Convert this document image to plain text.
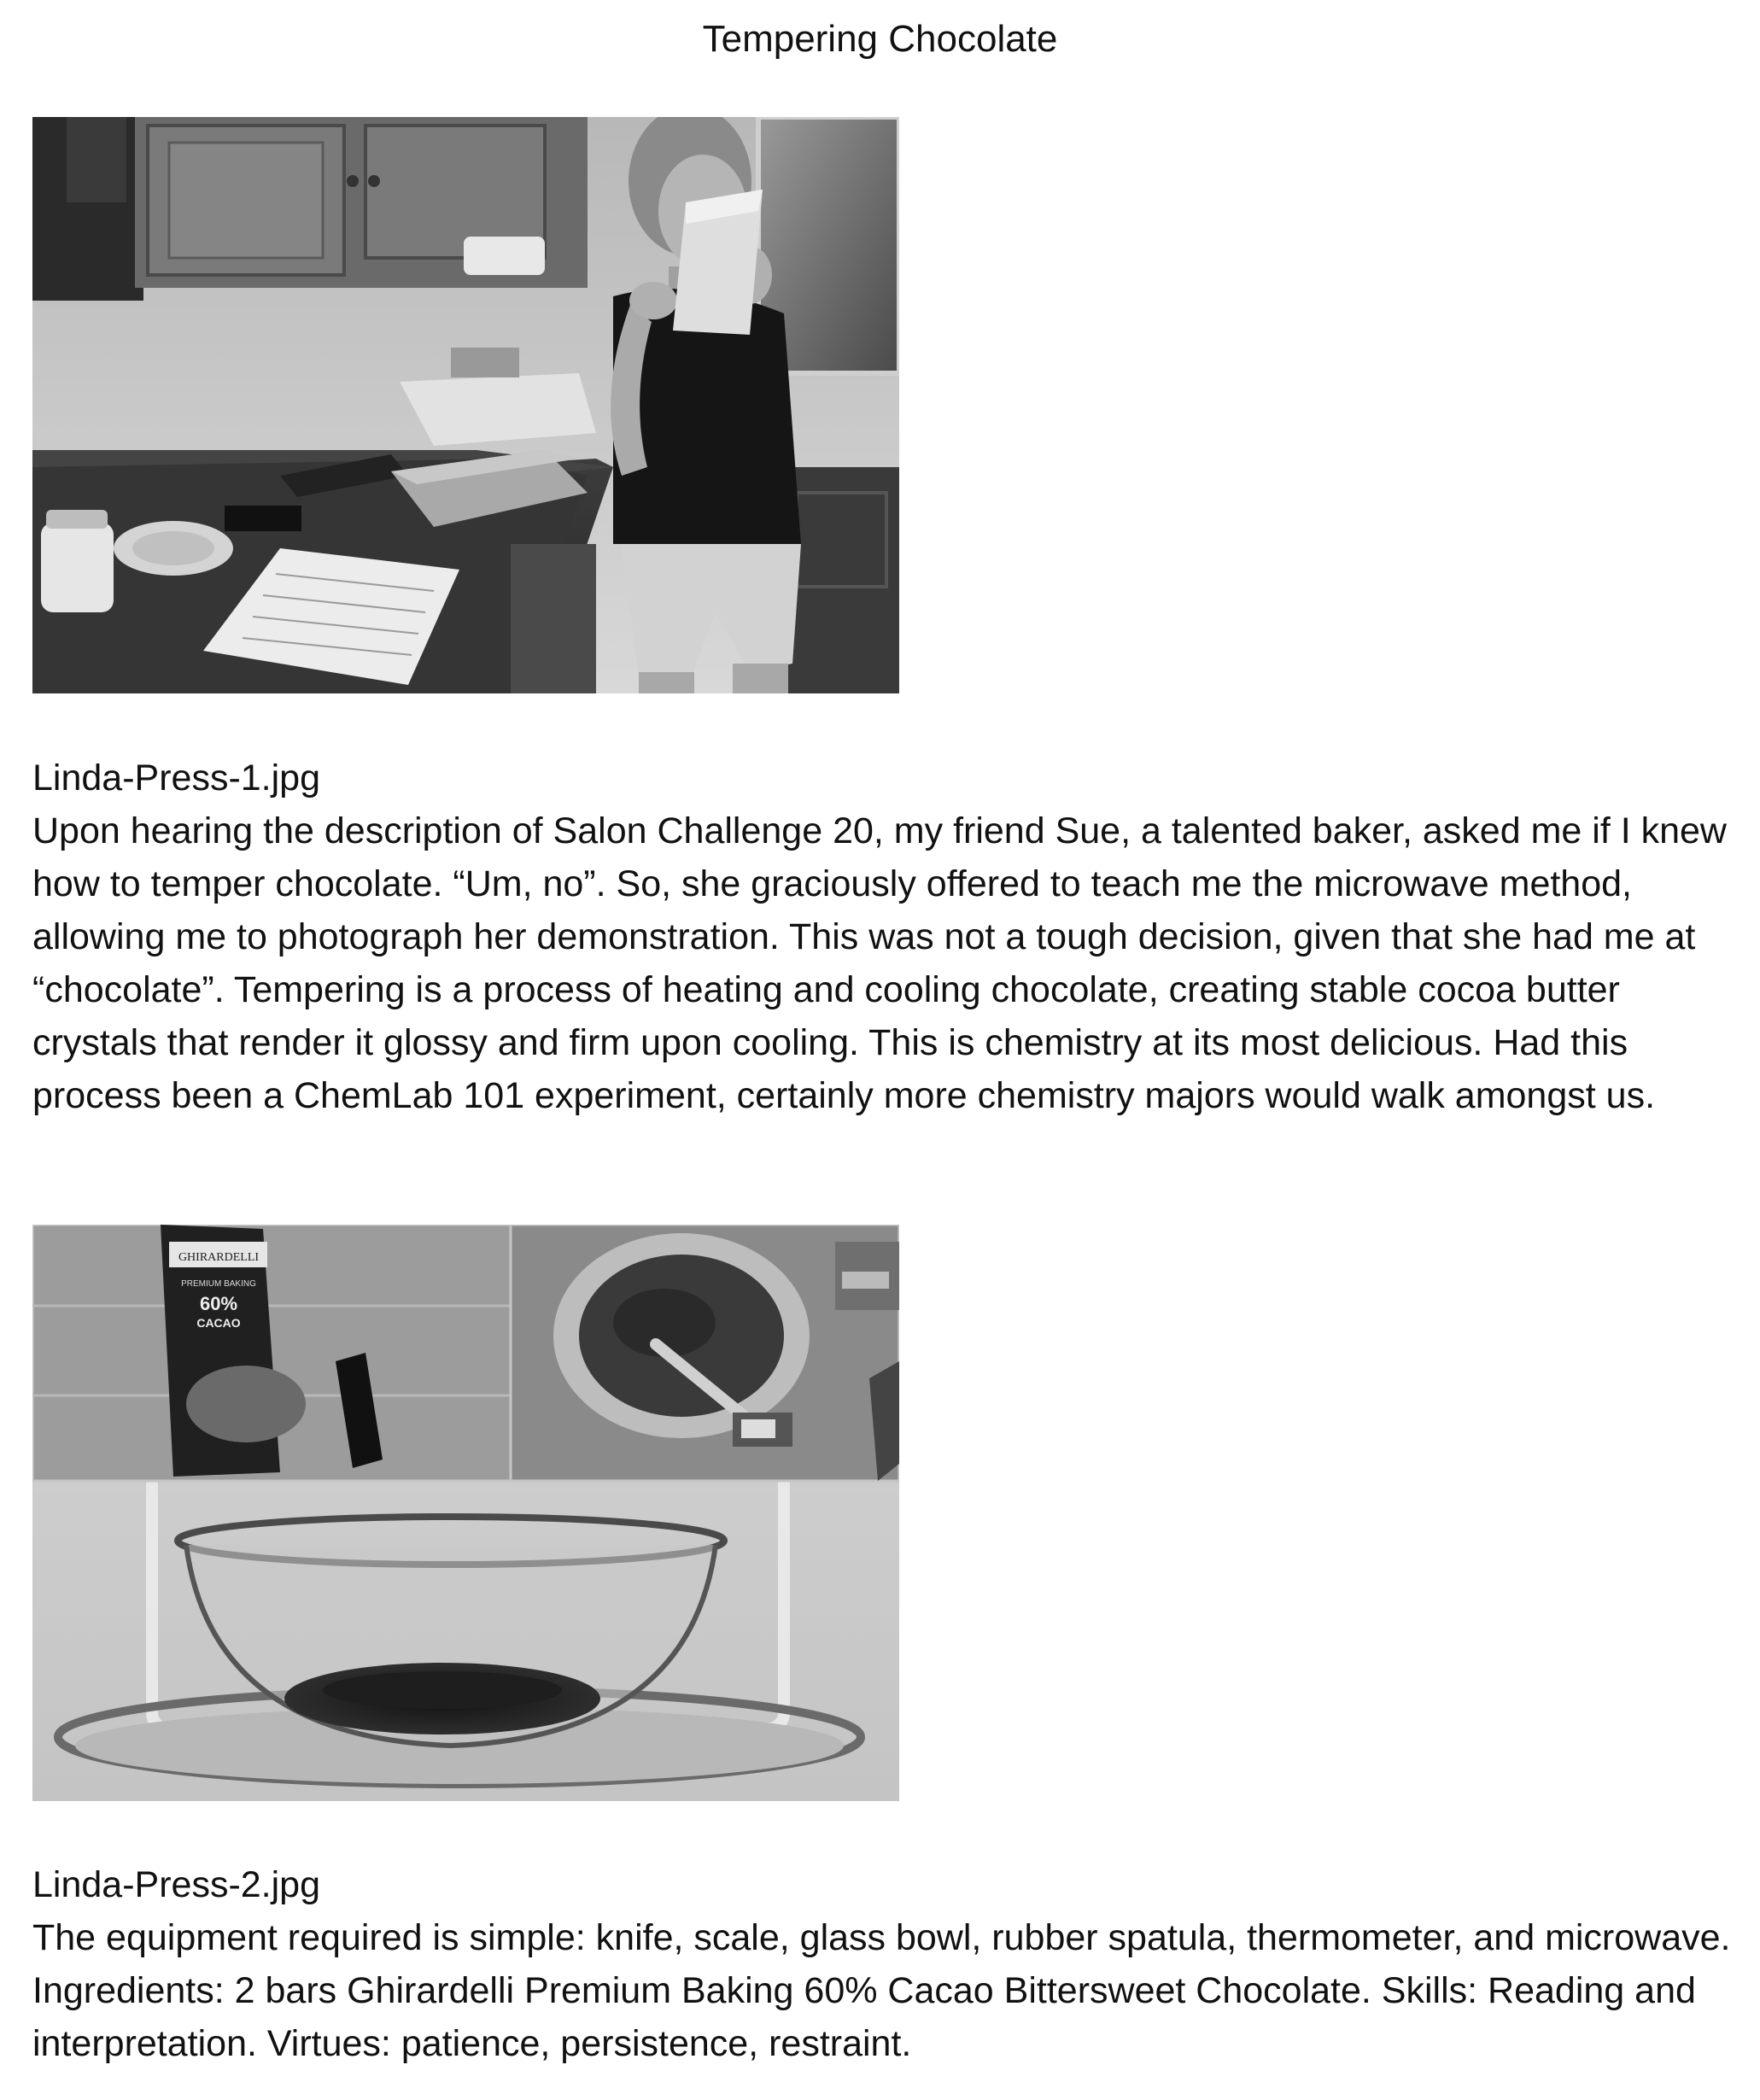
Tempering Chocolate
Linda-Press-1.jpg
Upon hearing the description of Salon Challenge 20, my friend Sue, a talented baker, asked me if I knew how to temper chocolate. “Um, no”. So, she graciously offered to teach me the microwave method, allowing me to photograph her demonstration. This was not a tough decision, given that she had me at “chocolate”. Tempering is a process of heating and cooling chocolate, creating stable cocoa butter crystals that render it glossy and firm upon cooling. This is chemistry at its most delicious. Had this process been a ChemLab 101 experiment, certainly more chemistry majors would walk amongst us.
GHIRARDELLI
PREMIUM BAKING
60%
CACAO
Linda-Press-2.jpg
The equipment required is simple: knife, scale, glass bowl, rubber spatula, thermometer, and microwave. Ingredients: 2 bars Ghirardelli Premium Baking 60% Cacao Bittersweet Chocolate. Skills: Reading and interpretation. Virtues: patience, persistence, restraint.
